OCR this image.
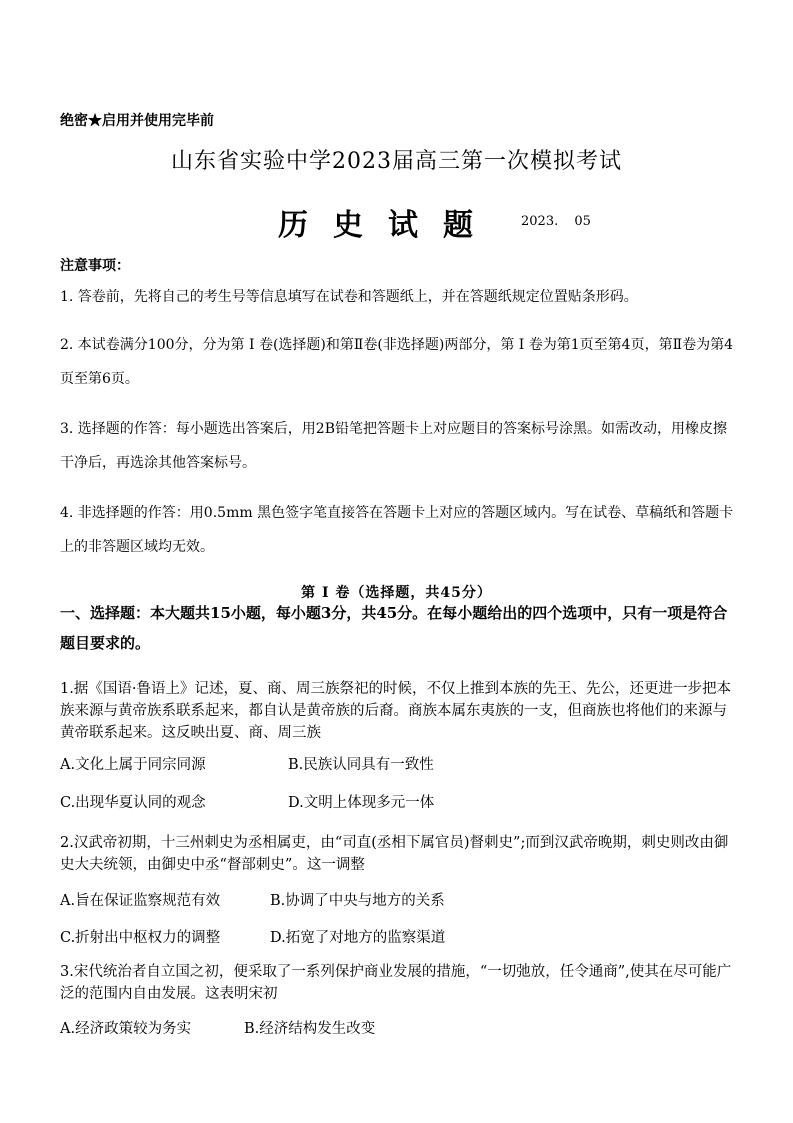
绝密★启用并使用完毕前
山东省实验中学2023届高三第一次模拟考试
历史试题 2023. 05
注意事项：
1. 答卷前，先将自己的考生号等信息填写在试卷和答题纸上，并在答题纸规定位置贴条形码。
2. 本试卷满分100分，分为第 Ⅰ 卷(选择题)和第Ⅱ卷(非选择题)两部分，第 Ⅰ 卷为第1页至第4页，第Ⅱ卷为第4页至第6页。
3. 选择题的作答：每小题选出答案后，用2B铅笔把答题卡上对应题目的答案标号涂黑。如需改动，用橡皮擦干净后，再选涂其他答案标号。
4. 非选择题的作答：用0.5mm 黑色签字笔直接答在答题卡上对应的答题区域内。写在试卷、草稿纸和答题卡上的非答题区域均无效。
第 Ⅰ 卷（选择题，共45分）
一、选择题：本大题共15小题，每小题3分，共45分。在每小题给出的四个选项中，只有一项是符合题目要求的。
1.据《国语·鲁语上》记述，夏、商、周三族祭祀的时候，不仅上推到本族的先王、先公，还更进一步把本族来源与黄帝族系联系起来，都自认是黄帝族的后裔。商族本属东夷族的一支，但商族也将他们的来源与黄帝联系起来。这反映出夏、商、周三族
A.文化上属于同宗同源	B.民族认同具有一致性
C.出现华夏认同的观念	D.文明上体现多元一体
2.汉武帝初期，十三州刺史为丞相属吏，由“司直(丞相下属官员)督刺史”;而到汉武帝晚期，刺史则改由御史大夫统领，由御史中丞“督部刺史”。这一调整
A.旨在保证监察规范有效	B.协调了中央与地方的关系
C.折射出中枢权力的调整	D.拓宽了对地方的监察渠道
3.宋代统治者自立国之初，便采取了一系列保护商业发展的措施，“一切弛放，任令通商”,使其在尽可能广泛的范围内自由发展。这表明宋初
A.经济政策较为务实	B.经济结构发生改变
